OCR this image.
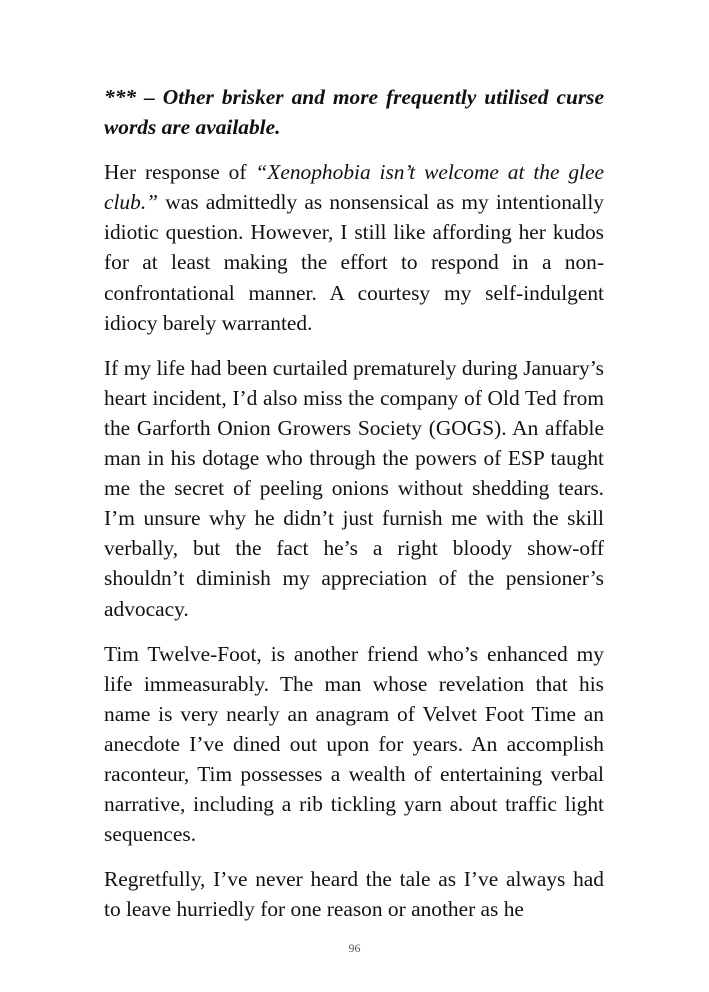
*** – Other brisker and more frequently utilised curse words are available.

Her response of “Xenophobia isn’t welcome at the glee club.” was admittedly as nonsensical as my intentionally idiotic question. However, I still like affording her kudos for at least making the effort to respond in a non-confrontational manner. A courtesy my self-indulgent idiocy barely warranted.

If my life had been curtailed prematurely during January’s heart incident, I’d also miss the company of Old Ted from the Garforth Onion Growers Society (GOGS). An affable man in his dotage who through the powers of ESP taught me the secret of peeling onions without shedding tears. I’m unsure why he didn’t just furnish me with the skill verbally, but the fact he’s a right bloody show-off shouldn’t diminish my appreciation of the pensioner’s advocacy.

Tim Twelve-Foot, is another friend who’s enhanced my life immeasurably. The man whose revelation that his name is very nearly an anagram of Velvet Foot Time an anecdote I’ve dined out upon for years. An accomplish raconteur, Tim possesses a wealth of entertaining verbal narrative, including a rib tickling yarn about traffic light sequences.

Regretfully, I’ve never heard the tale as I’ve always had to leave hurriedly for one reason or another as he

96
